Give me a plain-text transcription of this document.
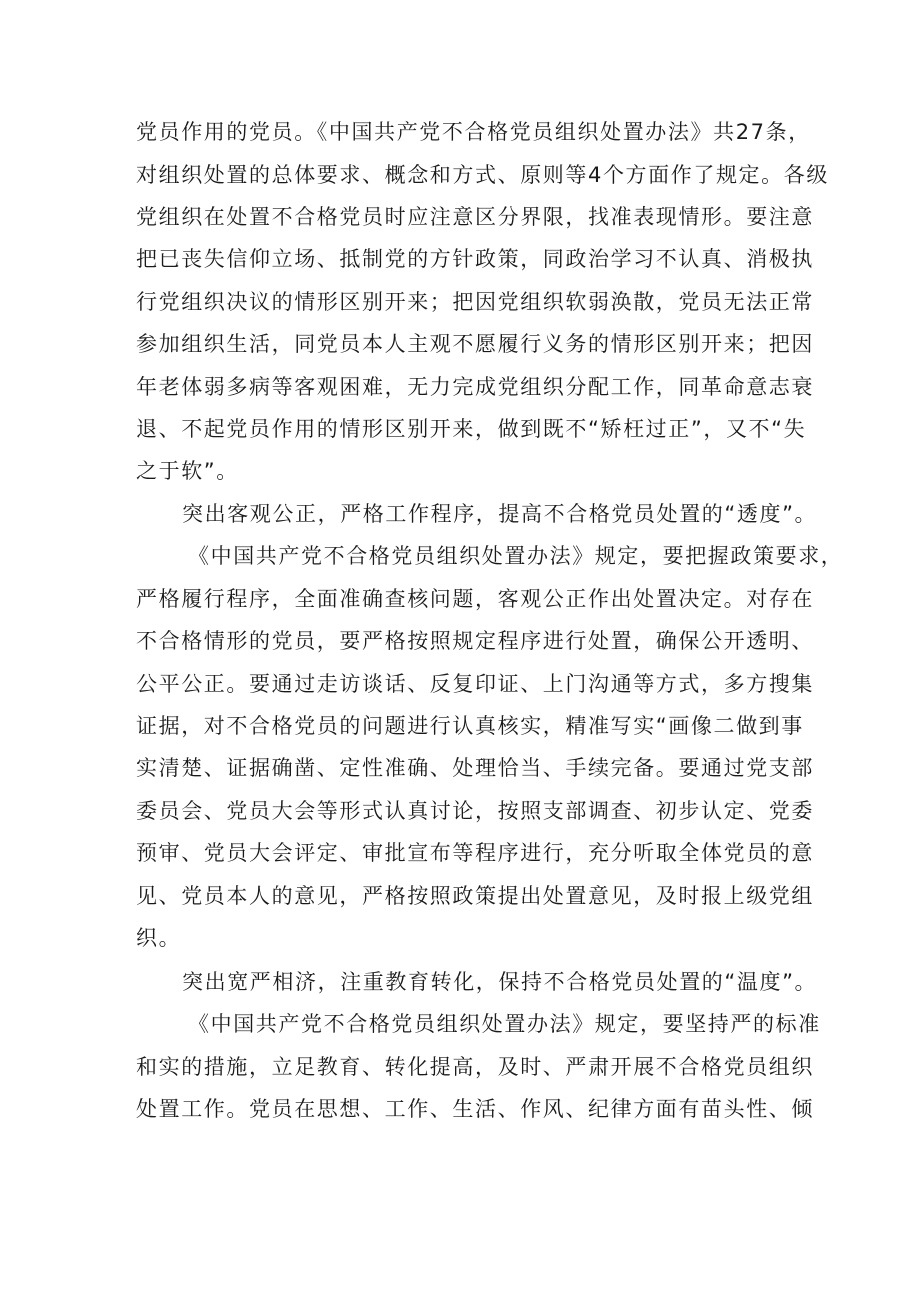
党员作用的党员。《中国共产党不合格党员组织处置办法》共27条，
对组织处置的总体要求、概念和方式、原则等4个方面作了规定。各级
党组织在处置不合格党员时应注意区分界限，找准表现情形。要注意
把已丧失信仰立场、抵制党的方针政策，同政治学习不认真、消极执
行党组织决议的情形区别开来；把因党组织软弱涣散，党员无法正常
参加组织生活，同党员本人主观不愿履行义务的情形区别开来；把因
年老体弱多病等客观困难，无力完成党组织分配工作，同革命意志衰
退、不起党员作用的情形区别开来，做到既不“矫枉过正”，又不“失
之于软”。
突出客观公正，严格工作程序，提高不合格党员处置的“透度”。
《中国共产党不合格党员组织处置办法》规定，要把握政策要求，
严格履行程序，全面准确查核问题，客观公正作出处置决定。对存在
不合格情形的党员，要严格按照规定程序进行处置，确保公开透明、
公平公正。要通过走访谈话、反复印证、上门沟通等方式，多方搜集
证据，对不合格党员的问题进行认真核实，精准写实“画像二做到事
实清楚、证据确凿、定性准确、处理恰当、手续完备。要通过党支部
委员会、党员大会等形式认真讨论，按照支部调查、初步认定、党委
预审、党员大会评定、审批宣布等程序进行，充分听取全体党员的意
见、党员本人的意见，严格按照政策提出处置意见，及时报上级党组
织。
突出宽严相济，注重教育转化，保持不合格党员处置的“温度”。
《中国共产党不合格党员组织处置办法》规定，要坚持严的标准
和实的措施，立足教育、转化提高，及时、严肃开展不合格党员组织
处置工作。党员在思想、工作、生活、作风、纪律方面有苗头性、倾
